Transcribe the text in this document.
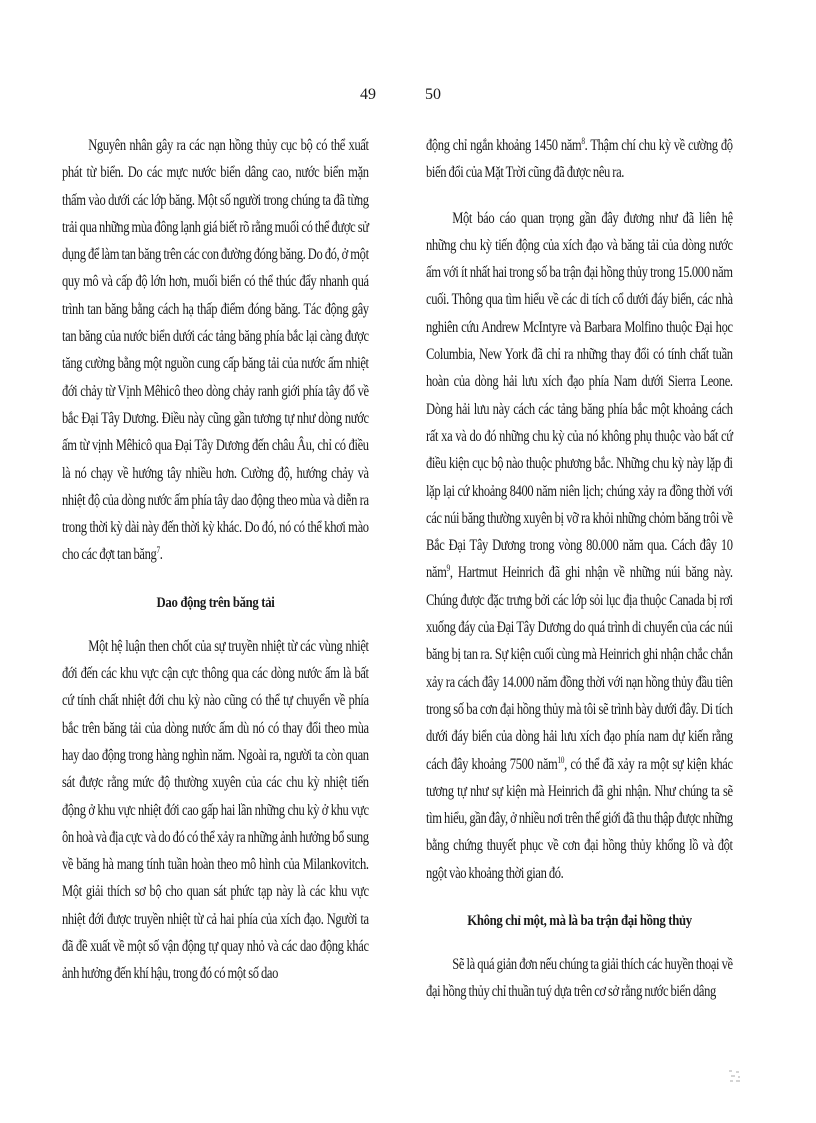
49	50

Nguyên nhân gây ra các nạn hồng thủy cục bộ có thể xuất phát từ biển. Do các mực nước biển dâng cao, nước biển mặn thấm vào dưới các lớp băng. Một số người trong chúng ta đã từng trải qua những mùa đông lạnh giá biết rõ rằng muối có thể được sử dụng để làm tan băng trên các con đường đóng băng. Do đó, ở một quy mô và cấp độ lớn hơn, muối biển có thể thúc đẩy nhanh quá trình tan băng bằng cách hạ thấp điểm đóng băng. Tác động gây tan băng của nước biển dưới các tảng băng phía bắc lại càng được tăng cường bằng một nguồn cung cấp băng tải của nước ấm nhiệt đới chảy từ Vịnh Mêhicô theo dòng chảy ranh giới phía tây đổ về bắc Đại Tây Dương. Điều này cũng gần tương tự như dòng nước ấm từ vịnh Mêhicô qua Đại Tây Dương đến châu Âu, chỉ có điều là nó chạy về hướng tây nhiều hơn. Cường độ, hướng chảy và nhiệt độ của dòng nước ấm phía tây dao động theo mùa và diễn ra trong thời kỳ dài này đến thời kỳ khác. Do đó, nó có thể khơi mào cho các đợt tan băng$^7$.

Dao động trên băng tải

Một hệ luận then chốt của sự truyền nhiệt từ các vùng nhiệt đới đến các khu vực cận cực thông qua các dòng nước ấm là bất cứ tính chất nhiệt đới chu kỳ nào cũng có thể tự chuyển về phía bắc trên băng tải của dòng nước ấm dù nó có thay đổi theo mùa hay dao động trong hàng nghìn năm. Ngoài ra, người ta còn quan sát được rằng mức độ thường xuyên của các chu kỳ nhiệt tiến động ở khu vực nhiệt đới cao gấp hai lần những chu kỳ ở khu vực ôn hoà và địa cực và do đó có thể xảy ra những ảnh hưởng bổ sung về băng hà mang tính tuần hoàn theo mô hình của Milankovitch. Một giải thích sơ bộ cho quan sát phức tạp này là các khu vực nhiệt đới được truyền nhiệt từ cả hai phía của xích đạo. Người ta đã đề xuất về một số vận động tự quay nhỏ và các dao động khác ảnh hưởng đến khí hậu, trong đó có một số dao

động chỉ ngắn khoảng 1450 năm$^8$. Thậm chí chu kỳ về cường độ biến đổi của Mặt Trời cũng đã được nêu ra.

Một báo cáo quan trọng gần đây đương như đã liên hệ những chu kỳ tiến động của xích đạo và băng tải của dòng nước ấm với ít nhất hai trong số ba trận đại hồng thủy trong 15.000 năm cuối. Thông qua tìm hiểu về các di tích cổ dưới đáy biển, các nhà nghiên cứu Andrew McIntyre và Barbara Molfino thuộc Đại học Columbia, New York đã chỉ ra những thay đổi có tính chất tuần hoàn của dòng hải lưu xích đạo phía Nam dưới Sierra Leone. Dòng hải lưu này cách các tảng băng phía bắc một khoảng cách rất xa và do đó những chu kỳ của nó không phụ thuộc vào bất cứ điều kiện cục bộ nào thuộc phương bắc. Những chu kỳ này lặp đi lặp lại cứ khoảng 8400 năm niên lịch; chúng xảy ra đồng thời với các núi băng thường xuyên bị vỡ ra khỏi những chỏm băng trôi về Bắc Đại Tây Dương trong vòng 80.000 năm qua. Cách đây 10 năm$^9$, Hartmut Heinrich đã ghi nhận về những núi băng này. Chúng được đặc trưng bởi các lớp sỏi lục địa thuộc Canada bị rơi xuống đáy của Đại Tây Dương do quá trình di chuyển của các núi băng bị tan ra. Sự kiện cuối cùng mà Heinrich ghi nhận chắc chắn xảy ra cách đây 14.000 năm đồng thời với nạn hồng thủy đầu tiên trong số ba cơn đại hồng thủy mà tôi sẽ trình bày dưới đây. Di tích dưới đáy biển của dòng hải lưu xích đạo phía nam dự kiến rằng cách đây khoảng 7500 năm$^{10}$, có thể đã xảy ra một sự kiện khác tương tự như sự kiện mà Heinrich đã ghi nhận. Như chúng ta sẽ tìm hiểu, gần đây, ở nhiều nơi trên thế giới đã thu thập được những bằng chứng thuyết phục về cơn đại hồng thủy khổng lồ và đột ngột vào khoảng thời gian đó.

Không chỉ một, mà là ba trận đại hồng thủy

Sẽ là quá giản đơn nếu chúng ta giải thích các huyền thoại về đại hồng thủy chỉ thuần tuý dựa trên cơ sở rằng nước biển dâng
